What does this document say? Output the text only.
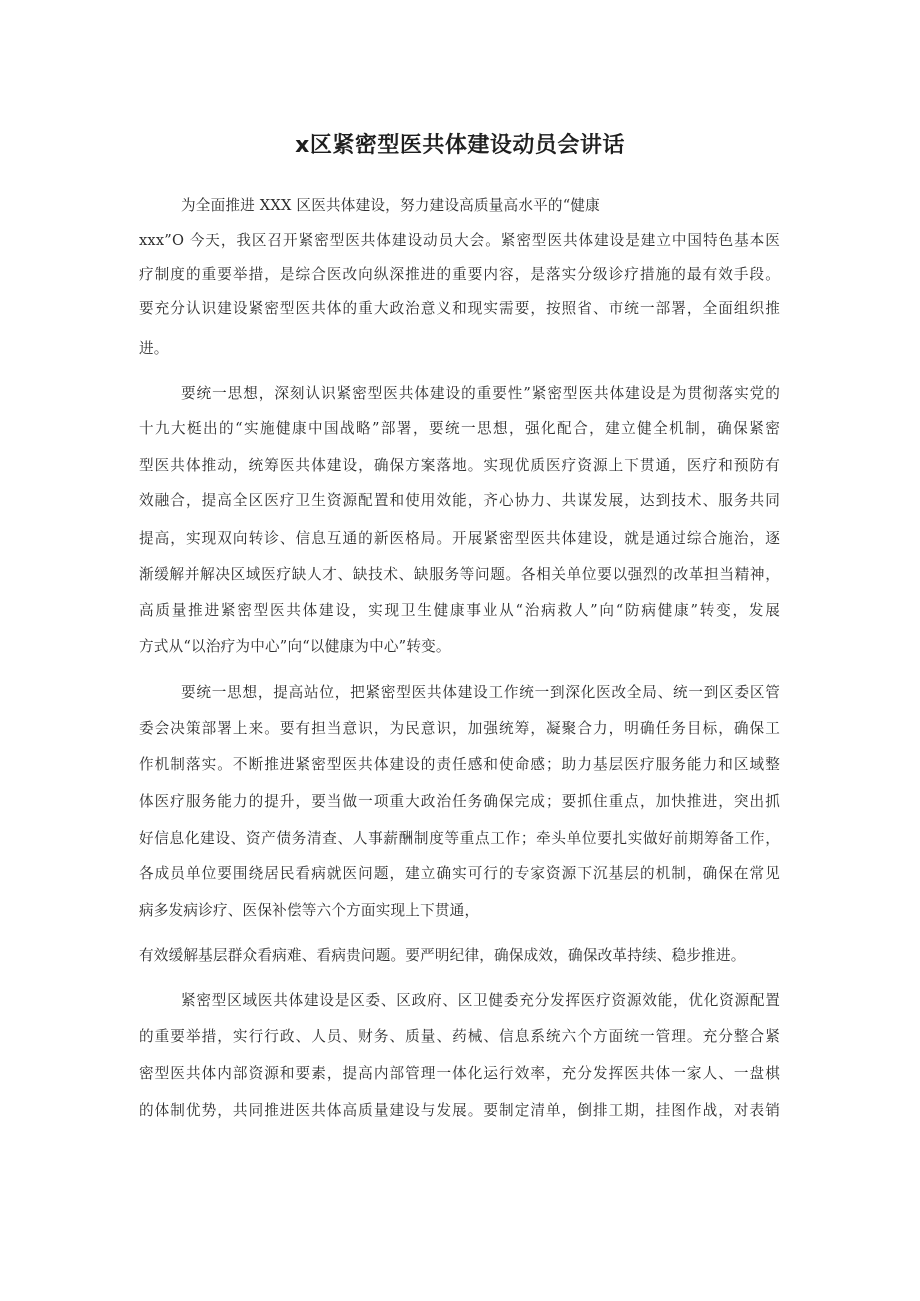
x区紧密型医共体建设动员会讲话
为全面推进 XXX 区医共体建设，努力建设高质量高水平的“健康
xxx”O 今天，我区召开紧密型医共体建设动员大会。紧密型医共体建设是建立中国特色基本医
疗制度的重要举措，是综合医改向纵深推进的重要内容，是落实分级诊疗措施的最有效手段。
要充分认识建设紧密型医共体的重大政治意义和现实需要，按照省、市统一部署，全面组织推
进。
要统一思想，深刻认识紧密型医共体建设的重要性”紧密型医共体建设是为贯彻落实党的
十九大梃出的“实施健康中国战略”部署，要统一思想，强化配合，建立健全机制，确保紧密
型医共体推动，统筹医共体建设，确保方案落地。实现优质医疗资源上下贯通，医疗和预防有
效融合，提高全区医疗卫生资源配置和使用效能，齐心协力、共谋发展，达到技术、服务共同
提高，实现双向转诊、信息互通的新医格局。开展紧密型医共体建设，就是通过综合施治，逐
渐缓解并解决区域医疗缺人才、缺技术、缺服务等问题。各相关单位要以强烈的改革担当精神，
高质量推进紧密型医共体建设，实现卫生健康事业从“治病救人”向“防病健康”转变，发展
方式从“以治疗为中心”向“以健康为中心”转变。
要统一思想，提高站位，把紧密型医共体建设工作统一到深化医改全局、统一到区委区管
委会决策部署上来。要有担当意识，为民意识，加强统筹，凝聚合力，明确任务目标，确保工
作机制落实。不断推进紧密型医共体建设的责任感和使命感；助力基层医疗服务能力和区域整
体医疗服务能力的提升，要当做一项重大政治任务确保完成；要抓住重点，加快推进，突出抓
好信息化建设、资产债务清查、人事薪酬制度等重点工作；牵头单位要扎实做好前期筹备工作，
各成员单位要围绕居民看病就医问题，建立确实可行的专家资源下沉基层的机制，确保在常见
病多发病诊疗、医保补偿等六个方面实现上下贯通，
有效缓解基层群众看病难、看病贵问题。要严明纪律，确保成效，确保改革持续、稳步推进。
紧密型区域医共体建设是区委、区政府、区卫健委充分发挥医疗资源效能，优化资源配置
的重要举措，实行行政、人员、财务、质量、药械、信息系统六个方面统一管理。充分整合紧
密型医共体内部资源和要素，提高内部管理一体化运行效率，充分发挥医共体一家人、一盘棋
的体制优势，共同推进医共体高质量建设与发展。要制定清单，倒排工期，挂图作战，对表销
